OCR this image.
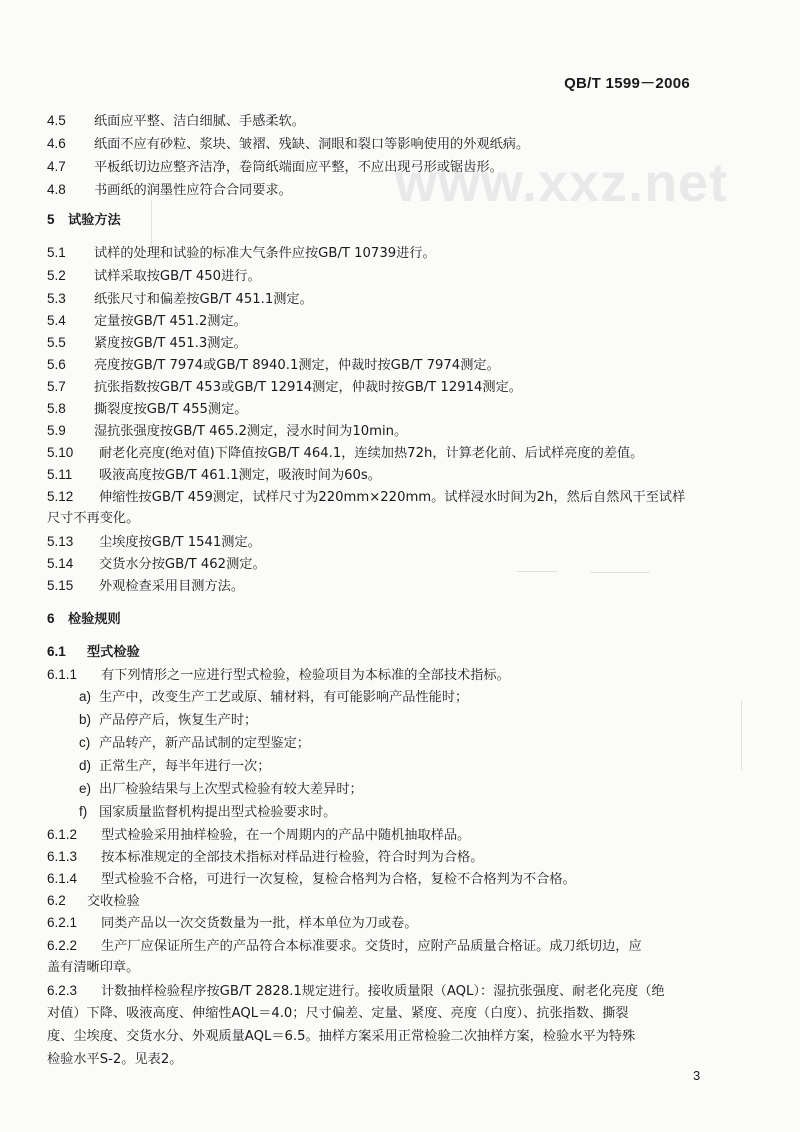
QB/T 1599－2006
www.xxz.net
4.5 纸面应平整、洁白细腻、手感柔软。
4.6 纸面不应有砂粒、浆块、皱褶、残缺、洞眼和裂口等影响使用的外观纸病。
4.7 平板纸切边应整齐洁净，卷筒纸端面应平整，不应出现弓形或锯齿形。
4.8 书画纸的润墨性应符合合同要求。
5 试验方法
5.1 试样的处理和试验的标准大气条件应按GB/T 10739进行。
5.2 试样采取按GB/T 450进行。
5.3 纸张尺寸和偏差按GB/T 451.1测定。
5.4 定量按GB/T 451.2测定。
5.5 紧度按GB/T 451.3测定。
5.6 亮度按GB/T 7974或GB/T 8940.1测定，仲裁时按GB/T 7974测定。
5.7 抗张指数按GB/T 453或GB/T 12914测定，仲裁时按GB/T 12914测定。
5.8 撕裂度按GB/T 455测定。
5.9 湿抗张强度按GB/T 465.2测定，浸水时间为10min。
5.10 耐老化亮度(绝对值)下降值按GB/T 464.1，连续加热72h，计算老化前、后试样亮度的差值。
5.11 吸液高度按GB/T 461.1测定，吸液时间为60s。
5.12 伸缩性按GB/T 459测定，试样尺寸为220mm×220mm。试样浸水时间为2h，然后自然风干至试样
尺寸不再变化。
5.13 尘埃度按GB/T 1541测定。
5.14 交货水分按GB/T 462测定。
5.15 外观检查采用目测方法。
6 检验规则
6.1 型式检验
6.1.1 有下列情形之一应进行型式检验，检验项目为本标准的全部技术指标。
a) 生产中，改变生产工艺或原、辅材料，有可能影响产品性能时；
b) 产品停产后，恢复生产时；
c) 产品转产，新产品试制的定型鉴定；
d) 正常生产，每半年进行一次；
e) 出厂检验结果与上次型式检验有较大差异时；
f) 国家质量监督机构提出型式检验要求时。
6.1.2 型式检验采用抽样检验，在一个周期内的产品中随机抽取样品。
6.1.3 按本标准规定的全部技术指标对样品进行检验，符合时判为合格。
6.1.4 型式检验不合格，可进行一次复检，复检合格判为合格，复检不合格判为不合格。
6.2 交收检验
6.2.1 同类产品以一次交货数量为一批，样本单位为刀或卷。
6.2.2 生产厂应保证所生产的产品符合本标准要求。交货时，应附产品质量合格证。成刀纸切边，应
盖有清晰印章。
6.2.3 计数抽样检验程序按GB/T 2828.1规定进行。接收质量限（AQL）：湿抗张强度、耐老化亮度（绝
对值）下降、吸液高度、伸缩性AQL＝4.0；尺寸偏差、定量、紧度、亮度（白度）、抗张指数、撕裂
度、尘埃度、交货水分、外观质量AQL＝6.5。抽样方案采用正常检验二次抽样方案，检验水平为特殊
检验水平S-2。见表2。
3
